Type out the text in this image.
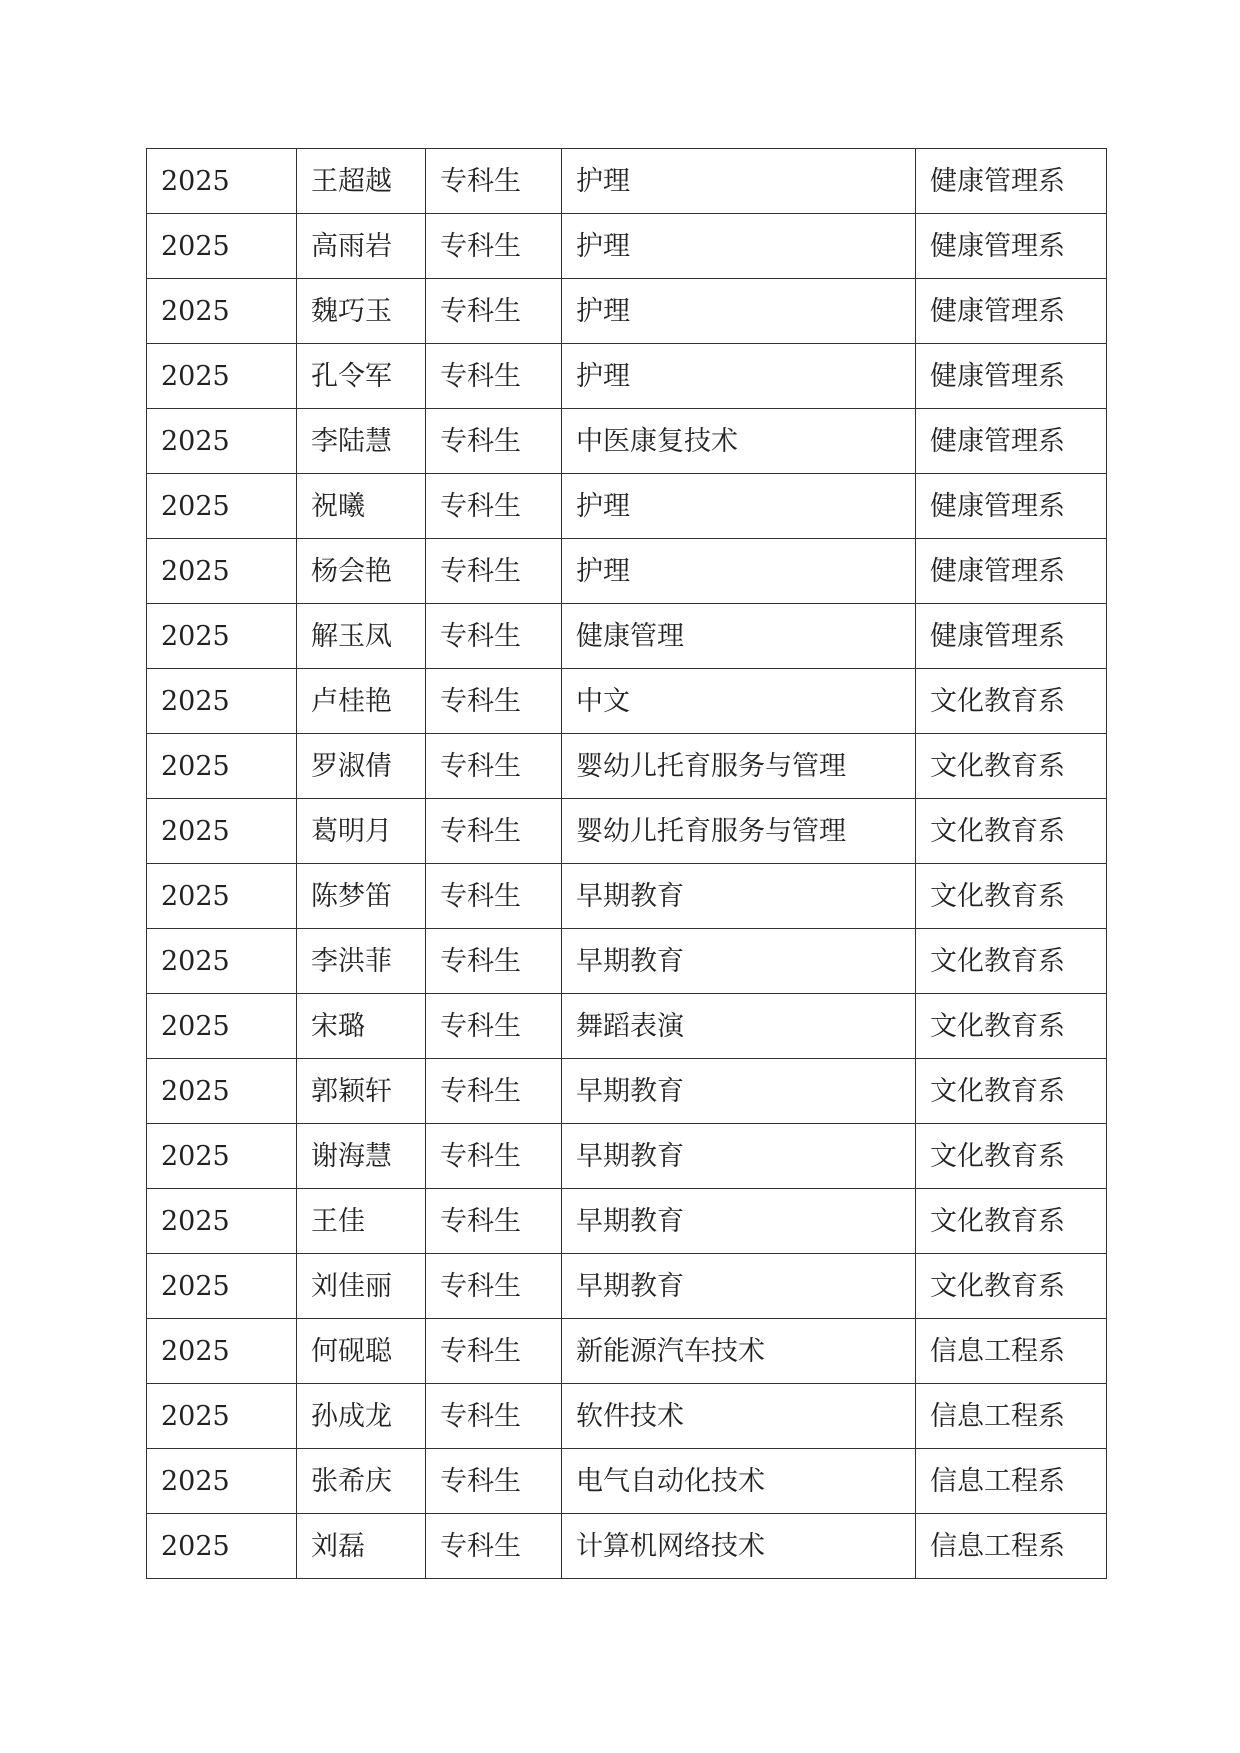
2025	王超越	专科生	护理	健康管理系
2025	高雨岩	专科生	护理	健康管理系
2025	魏巧玉	专科生	护理	健康管理系
2025	孔令军	专科生	护理	健康管理系
2025	李陆慧	专科生	中医康复技术	健康管理系
2025	祝曦	专科生	护理	健康管理系
2025	杨会艳	专科生	护理	健康管理系
2025	解玉凤	专科生	健康管理	健康管理系
2025	卢桂艳	专科生	中文	文化教育系
2025	罗淑倩	专科生	婴幼儿托育服务与管理	文化教育系
2025	葛明月	专科生	婴幼儿托育服务与管理	文化教育系
2025	陈梦笛	专科生	早期教育	文化教育系
2025	李洪菲	专科生	早期教育	文化教育系
2025	宋璐	专科生	舞蹈表演	文化教育系
2025	郭颖轩	专科生	早期教育	文化教育系
2025	谢海慧	专科生	早期教育	文化教育系
2025	王佳	专科生	早期教育	文化教育系
2025	刘佳丽	专科生	早期教育	文化教育系
2025	何砚聪	专科生	新能源汽车技术	信息工程系
2025	孙成龙	专科生	软件技术	信息工程系
2025	张希庆	专科生	电气自动化技术	信息工程系
2025	刘磊	专科生	计算机网络技术	信息工程系
